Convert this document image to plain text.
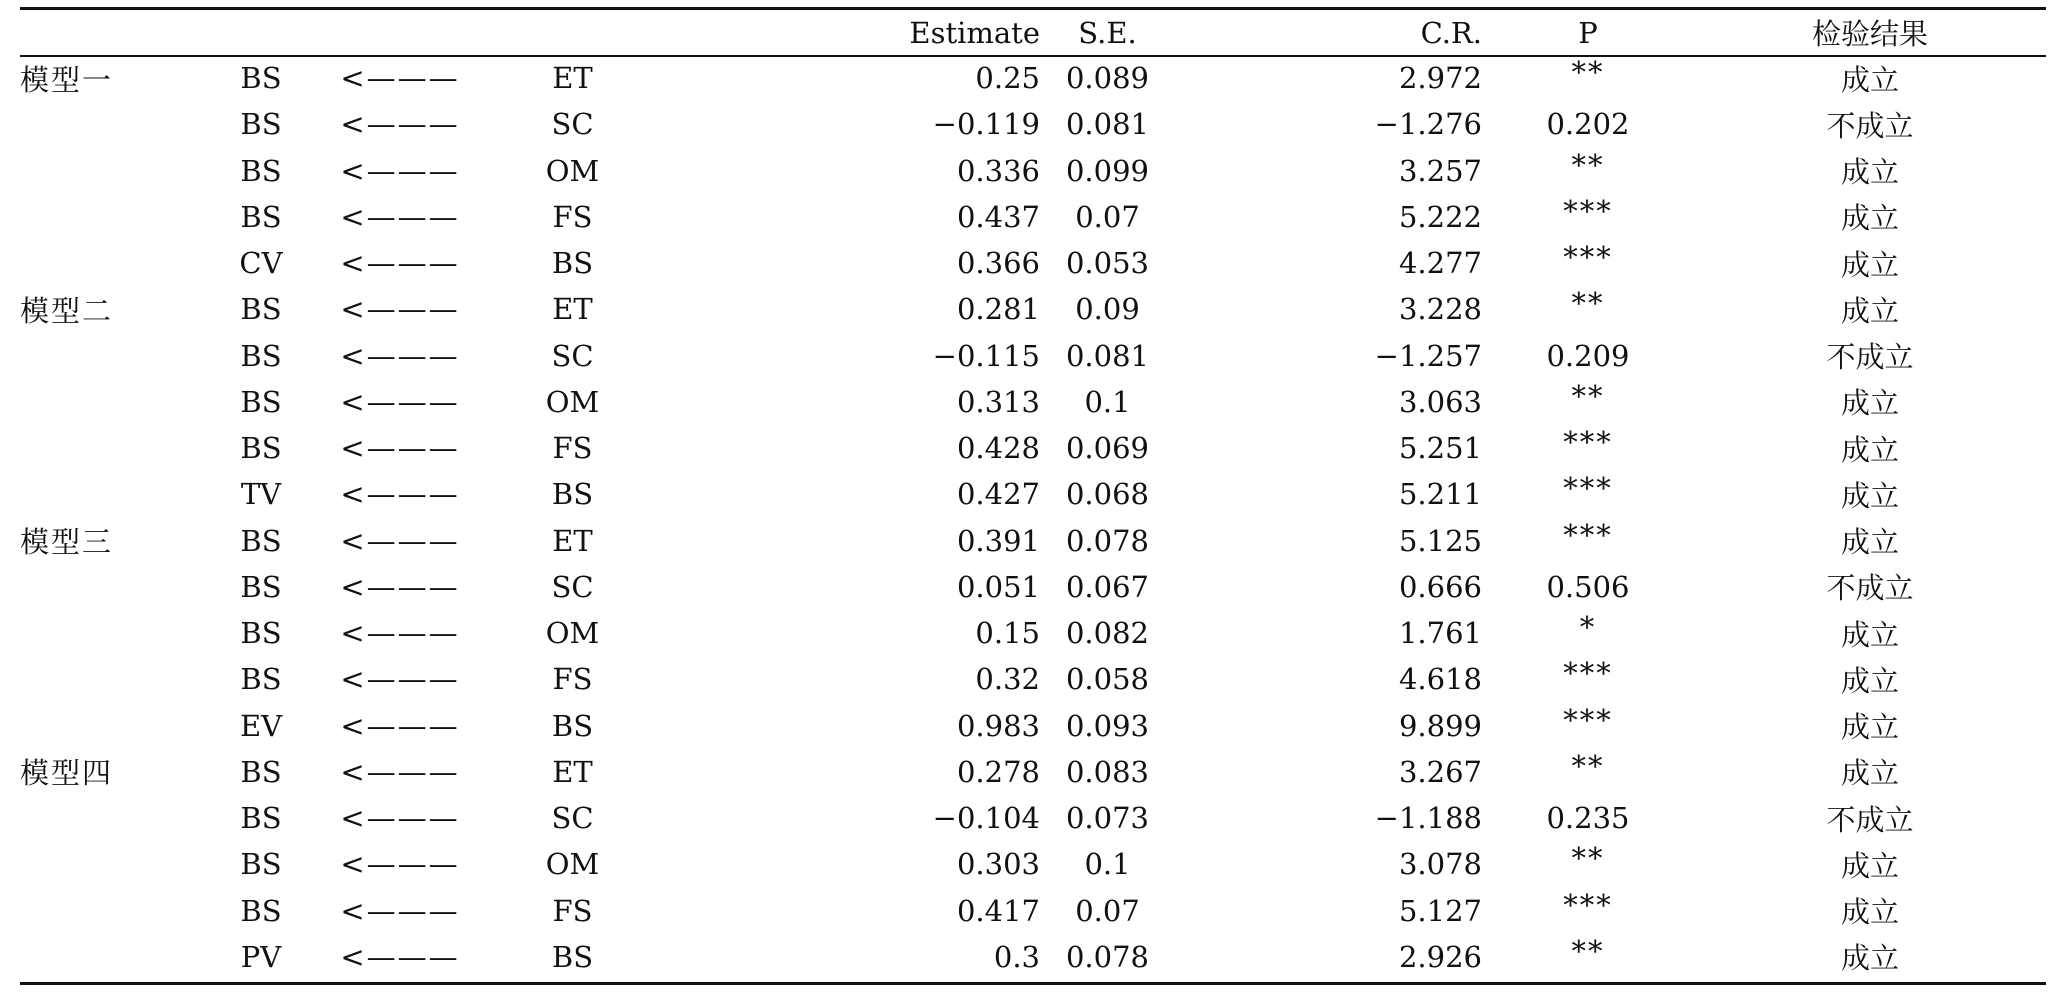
				Estimate	S.E.	C.R.	P	检验结果
模型一	BS	<———	ET	0.25	0.089	2.972	**	成立
	BS	<———	SC	−0.119	0.081	−1.276	0.202	不成立
	BS	<———	OM	0.336	0.099	3.257	**	成立
	BS	<———	FS	0.437	0.07	5.222	***	成立
	CV	<———	BS	0.366	0.053	4.277	***	成立
模型二	BS	<———	ET	0.281	0.09	3.228	**	成立
	BS	<———	SC	−0.115	0.081	−1.257	0.209	不成立
	BS	<———	OM	0.313	0.1	3.063	**	成立
	BS	<———	FS	0.428	0.069	5.251	***	成立
	TV	<———	BS	0.427	0.068	5.211	***	成立
模型三	BS	<———	ET	0.391	0.078	5.125	***	成立
	BS	<———	SC	0.051	0.067	0.666	0.506	不成立
	BS	<———	OM	0.15	0.082	1.761	*	成立
	BS	<———	FS	0.32	0.058	4.618	***	成立
	EV	<———	BS	0.983	0.093	9.899	***	成立
模型四	BS	<———	ET	0.278	0.083	3.267	**	成立
	BS	<———	SC	−0.104	0.073	−1.188	0.235	不成立
	BS	<———	OM	0.303	0.1	3.078	**	成立
	BS	<———	FS	0.417	0.07	5.127	***	成立
	PV	<———	BS	0.3	0.078	2.926	**	成立
